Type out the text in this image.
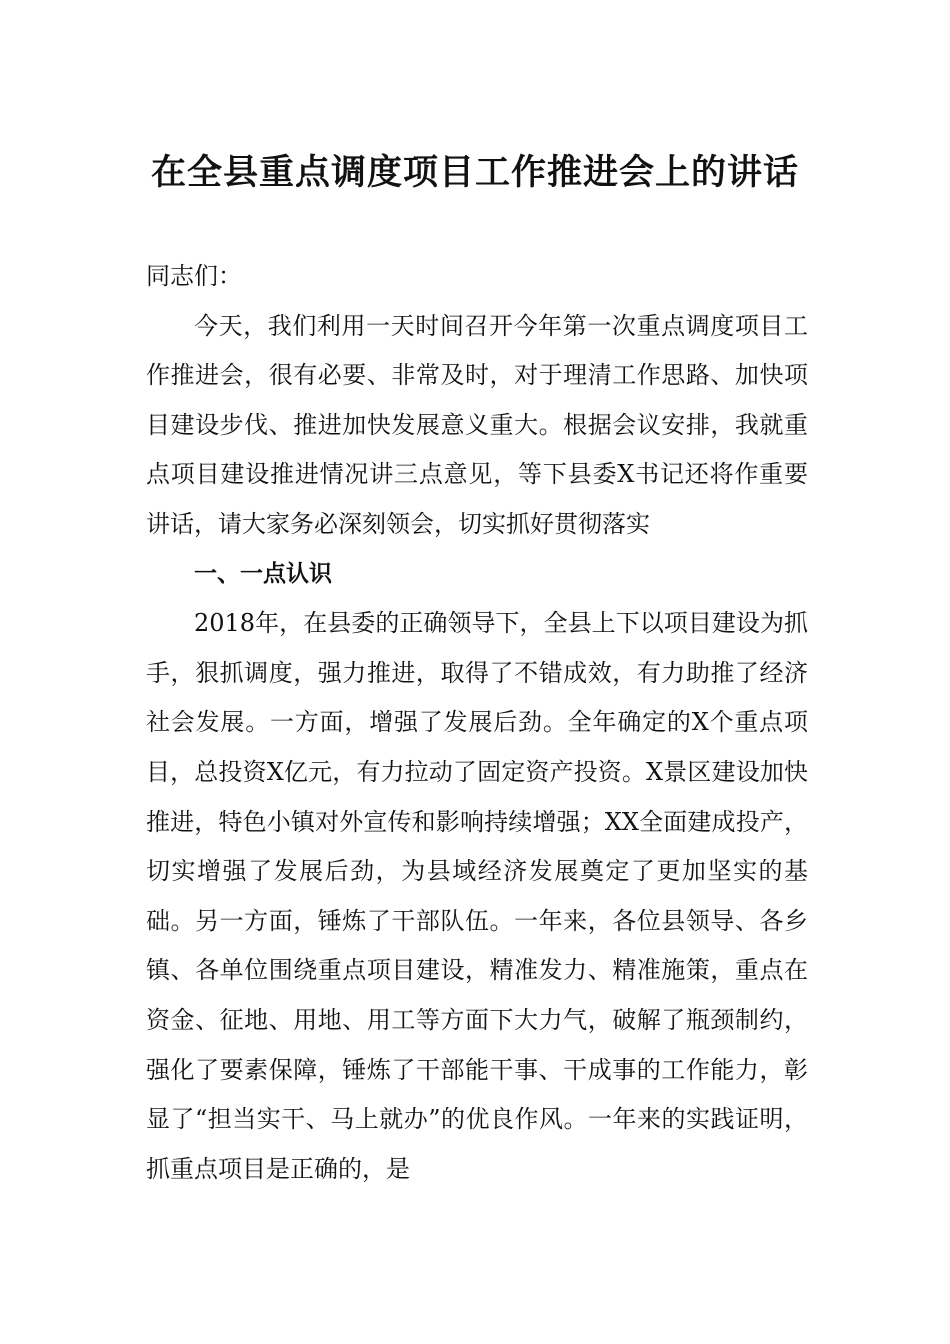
在全县重点调度项目工作推进会上的讲话

同志们：

今天，我们利用一天时间召开今年第一次重点调度项目工作推进会，很有必要、非常及时，对于理清工作思路、加快项目建设步伐、推进加快发展意义重大。根据会议安排，我就重点项目建设推进情况讲三点意见，等下县委X书记还将作重要讲话，请大家务必深刻领会，切实抓好贯彻落实

一、一点认识

2018年，在县委的正确领导下，全县上下以项目建设为抓手，狠抓调度，强力推进，取得了不错成效，有力助推了经济社会发展。一方面，增强了发展后劲。全年确定的X个重点项目，总投资X亿元，有力拉动了固定资产投资。X景区建设加快推进，特色小镇对外宣传和影响持续增强；XX全面建成投产，切实增强了发展后劲，为县域经济发展奠定了更加坚实的基础。另一方面，锤炼了干部队伍。一年来，各位县领导、各乡镇、各单位围绕重点项目建设，精准发力、精准施策，重点在资金、征地、用地、用工等方面下大力气，破解了瓶颈制约，强化了要素保障，锤炼了干部能干事、干成事的工作能力，彰显了“担当实干、马上就办”的优良作风。一年来的实践证明，抓重点项目是正确的，是
